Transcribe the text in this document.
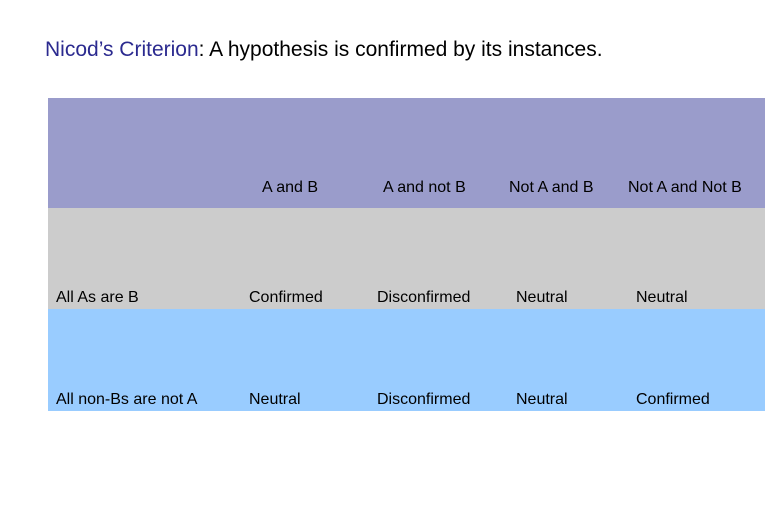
Nicod’s Criterion: A hypothesis is confirmed by its instances.
	A and B	A and not B	Not A and B	Not A and Not B
All As are B	Confirmed	Disconfirmed	Neutral	Neutral
All non-Bs are not A	Neutral	Disconfirmed	Neutral	Confirmed
